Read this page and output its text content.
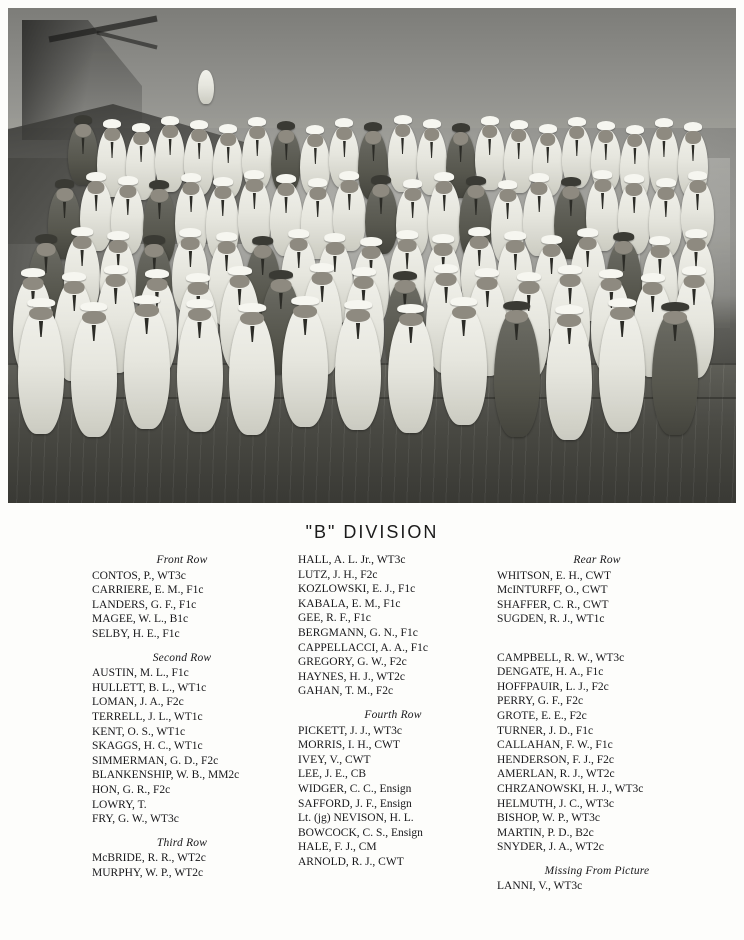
"B" DIVISION
Front Row
CONTOS, P., WT3c
CARRIERE, E. M., F1c
LANDERS, G. F., F1c
MAGEE, W. L., B1c
SELBY, H. E., F1c
Second Row
AUSTIN, M. L., F1c
HULLETT, B. L., WT1c
LOMAN, J. A., F2c
TERRELL, J. L., WT1c
KENT, O. S., WT1c
SKAGGS, H. C., WT1c
SIMMERMAN, G. D., F2c
BLANKENSHIP, W. B., MM2c
HON, G. R., F2c
LOWRY, T.
FRY, G. W., WT3c
Third Row
McBRIDE, R. R., WT2c
MURPHY, W. P., WT2c
HALL, A. L. Jr., WT3c
LUTZ, J. H., F2c
KOZLOWSKI, E. J., F1c
KABALA, E. M., F1c
GEE, R. F., F1c
BERGMANN, G. N., F1c
CAPPELLACCI, A. A., F1c
GREGORY, G. W., F2c
HAYNES, H. J., WT2c
GAHAN, T. M., F2c
Fourth Row
PICKETT, J. J., WT3c
MORRIS, I. H., CWT
IVEY, V., CWT
LEE, J. E., CB
WIDGER, C. C., Ensign
SAFFORD, J. F., Ensign
Lt. (jg) NEVISON, H. L.
BOWCOCK, C. S., Ensign
HALE, F. J., CM
ARNOLD, R. J., CWT
Rear Row
WHITSON, E. H., CWT
McINTURFF, O., CWT
SHAFFER, C. R., CWT
SUGDEN, R. J., WT1c
CAMPBELL, R. W., WT3c
DENGATE, H. A., F1c
HOFFPAUIR, L. J., F2c
PERRY, G. F., F2c
GROTE, E. E., F2c
TURNER, J. D., F1c
CALLAHAN, F. W., F1c
HENDERSON, F. J., F2c
AMERLAN, R. J., WT2c
CHRZANOWSKI, H. J., WT3c
HELMUTH, J. C., WT3c
BISHOP, W. P., WT3c
MARTIN, P. D., B2c
SNYDER, J. A., WT2c
Missing From Picture
LANNI, V., WT3c
